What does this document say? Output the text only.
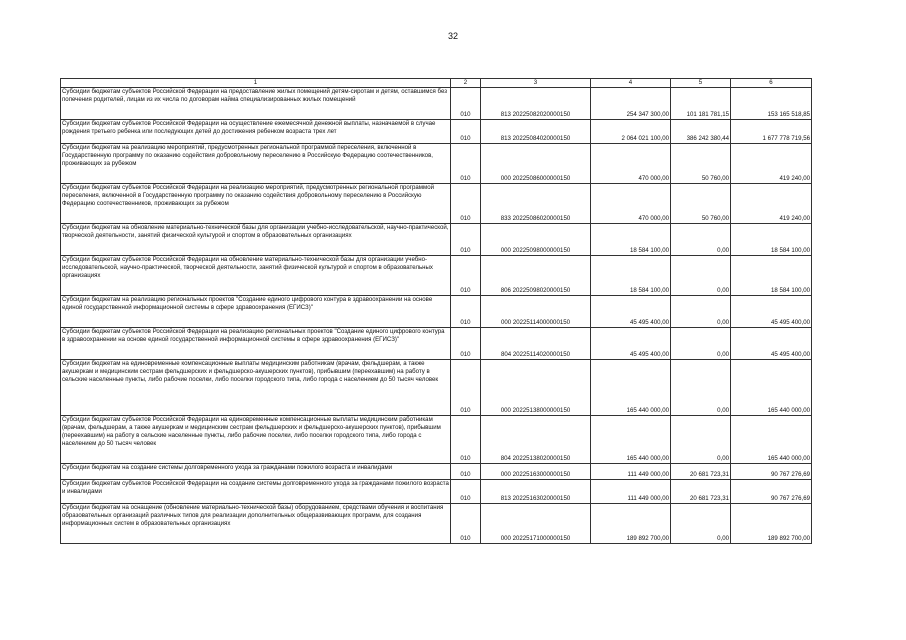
32
1	2	3	4	5	6
Субсидии бюджетам субъектов Российской Федерации на предоставление жилых помещений детям-сиротам и детям, оставшимся без попечения родителей, лицам из их числа по договорам найма специализированных жилых помещений	010	813 20225082020000150	254 347 300,00	101 181 781,15	153 165 518,85
Субсидии бюджетам субъектов Российской Федерации на осуществление ежемесячной денежной выплаты, назначаемой в случае рождения третьего ребенка или последующих детей до достижения ребенком возраста трех лет	010	813 20225084020000150	2 064 021 100,00	386 242 380,44	1 677 778 719,56
Субсидии бюджетам на реализацию мероприятий, предусмотренных региональной программой переселения, включенной в Государственную программу по оказанию содействия добровольному переселению в Российскую Федерацию соотечественников, проживающих за рубежом	010	000 20225086000000150	470 000,00	50 760,00	419 240,00
Субсидии бюджетам субъектов Российской Федерации на реализацию мероприятий, предусмотренных региональной программой переселения, включенной в Государственную программу по оказанию содействия добровольному переселению в Российскую Федерацию соотечественников, проживающих за рубежом	010	833 20225086020000150	470 000,00	50 760,00	419 240,00
Субсидии бюджетам на обновление материально-технической базы для организации учебно-исследовательской, научно-практической, творческой деятельности, занятий физической культурой и спортом в образовательных организациях	010	000 20225098000000150	18 584 100,00	0,00	18 584 100,00
Субсидии бюджетам субъектов Российской Федерации на обновление материально-технической базы для организации учебно-исследовательской, научно-практической, творческой деятельности, занятий физической культурой и спортом в образовательных организациях	010	806 20225098020000150	18 584 100,00	0,00	18 584 100,00
Субсидии бюджетам на реализацию региональных проектов "Создание единого цифрового контура в здравоохранении на основе единой государственной информационной системы в сфере здравоохранения (ЕГИСЗ)"	010	000 20225114000000150	45 495 400,00	0,00	45 495 400,00
Субсидии бюджетам субъектов Российской Федерации на реализацию региональных проектов "Создание единого цифрового контура в здравоохранении на основе единой государственной информационной системы в сфере здравоохранения (ЕГИСЗ)"	010	804 20225114020000150	45 495 400,00	0,00	45 495 400,00
Субсидии бюджетам на единовременные компенсационные выплаты медицинским работникам (врачам, фельдшерам, а также акушеркам и медицинским сестрам фельдшерских и фельдшерско-акушерских пунктов), прибывшим (переехавшим) на работу в сельские населенные пункты, либо рабочие поселки, либо поселки городского типа, либо города с населением до 50 тысяч человек	010	000 20225138000000150	165 440 000,00	0,00	165 440 000,00
Субсидии бюджетам субъектов Российской Федерации на единовременные компенсационные выплаты медицинским работникам (врачам, фельдшерам, а также акушеркам и медицинским сестрам фельдшерских и фельдшерско-акушерских пунктов), прибывшим (переехавшим) на работу в сельские населенные пункты, либо рабочие поселки, либо поселки городского типа, либо города с населением до 50 тысяч человек	010	804 20225138020000150	165 440 000,00	0,00	165 440 000,00
Субсидии бюджетам на создание системы долговременного ухода за гражданами пожилого возраста и инвалидами	010	000 20225163000000150	111 449 000,00	20 681 723,31	90 767 276,69
Субсидии бюджетам субъектов Российской Федерации на создание системы долговременного ухода за гражданами пожилого возраста и инвалидами	010	813 20225163020000150	111 449 000,00	20 681 723,31	90 767 276,69
Субсидии бюджетам на оснащение (обновление материально-технической базы) оборудованием, средствами обучения и воспитания образовательных организаций различных типов для реализации дополнительных общеразвивающих программ, для создания информационных систем в образовательных организациях	010	000 20225171000000150	189 892 700,00	0,00	189 892 700,00
